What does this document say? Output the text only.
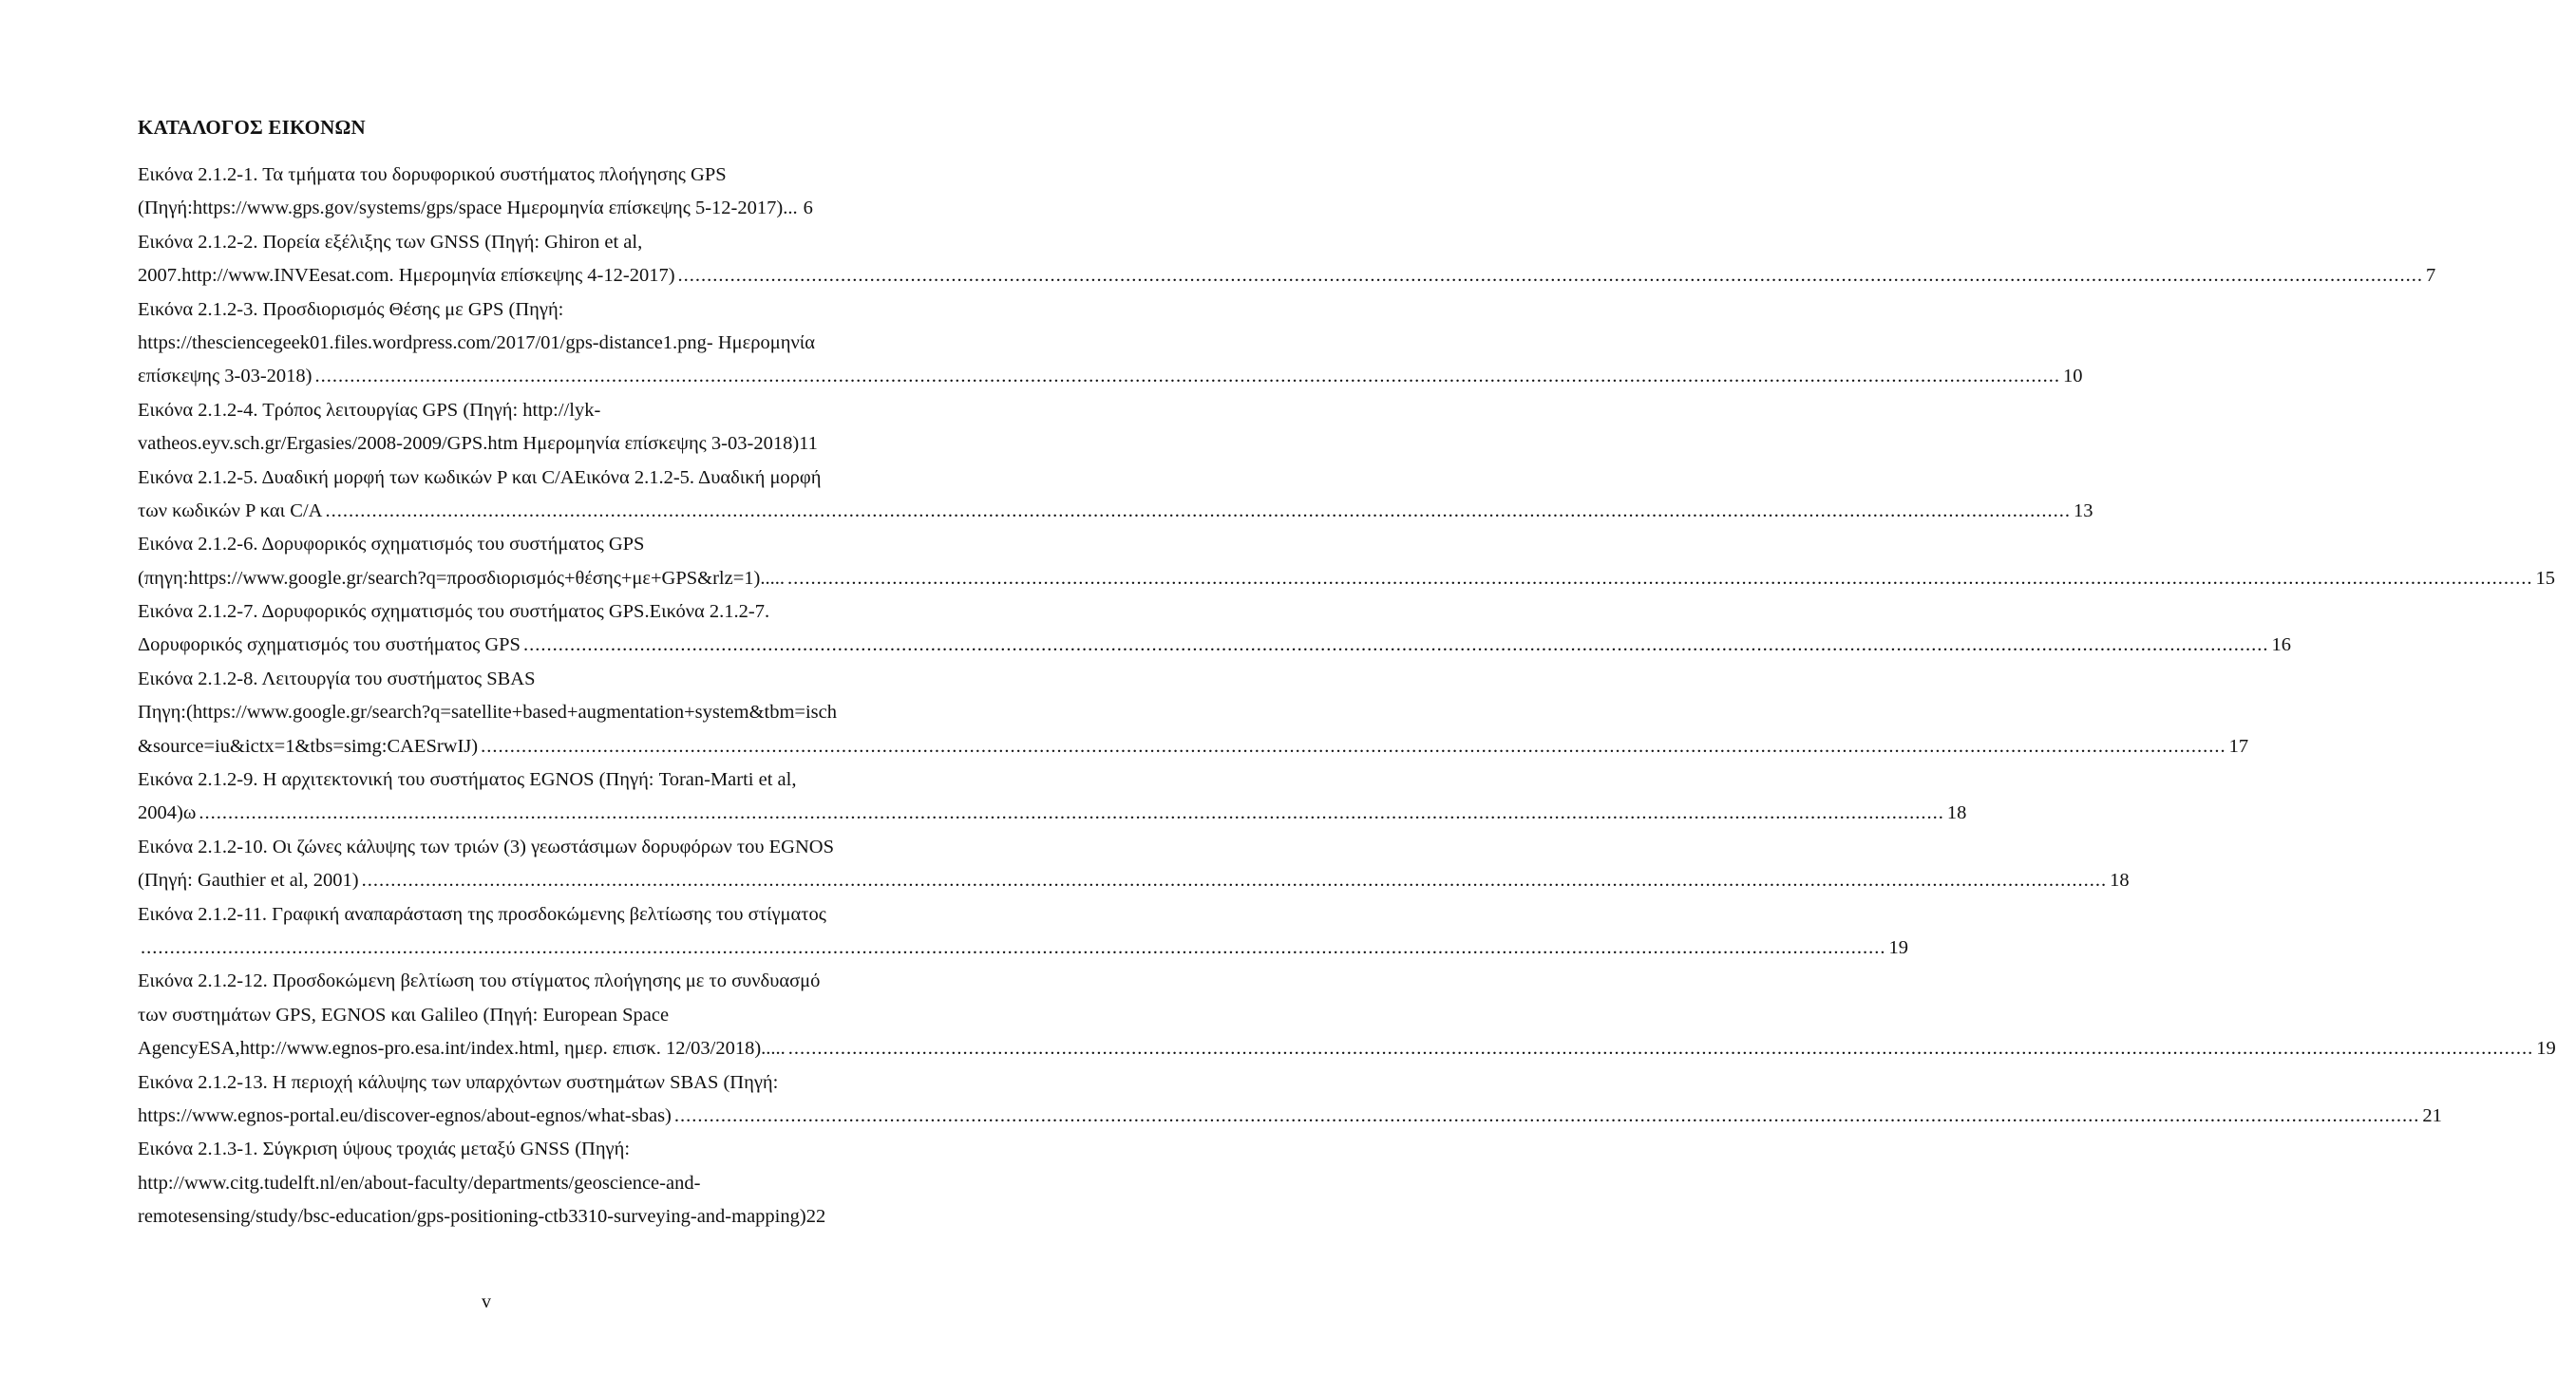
ΚΑΤΑΛΟΓΟΣ ΕΙΚΟΝΩΝ
Εικόνα 2.1.2-1. Τα τμήματα του δορυφορικού συστήματος πλοήγησης GPS
(Πηγή:https://www.gps.gov/systems/gps/space Ημερομηνία επίσκεψης 5-12-2017)... 6
Εικόνα 2.1.2-2. Πορεία εξέλιξης των GNSS (Πηγή: Ghiron et al,
2007.http://www.INVEesat.com. Ημερομηνία επίσκεψης 4-12-2017) ............................................................................................................................................................................................................................................................................................................ 7
Εικόνα 2.1.2-3. Προσδιορισμός Θέσης με GPS (Πηγή:
https://thesciencegeek01.files.wordpress.com/2017/01/gps-distance1.png- Ημερομηνία
επίσκεψης 3-03-2018) ............................................................................................................................................................................................................................................................................................................ 10
Εικόνα 2.1.2-4. Τρόπος λειτουργίας GPS (Πηγή: http://lyk-
vatheos.eyv.sch.gr/Ergasies/2008-2009/GPS.htm Ημερομηνία επίσκεψης 3-03-2018)11
Εικόνα 2.1.2-5. Δυαδική μορφή των κωδικών P και C/AΕικόνα 2.1.2-5. Δυαδική μορφή
των κωδικών P και C/A ............................................................................................................................................................................................................................................................................................................ 13
Εικόνα 2.1.2-6. Δορυφορικός σχηματισμός του συστήματος GPS
(πηγη:https://www.google.gr/search?q=προσδιορισμός+θέσης+με+GPS&rlz=1)..... ............................................................................................................................................................................................................................................................................................................ 15
Εικόνα 2.1.2-7. Δορυφορικός σχηματισμός του συστήματος GPS.Εικόνα 2.1.2-7.
Δορυφορικός σχηματισμός του συστήματος GPS ............................................................................................................................................................................................................................................................................................................ 16
Εικόνα 2.1.2-8. Λειτουργία του συστήματος SBAS
Πηγη:(https://www.google.gr/search?q=satellite+based+augmentation+system&tbm=isch
&source=iu&ictx=1&tbs=simg:CAESrwIJ) ............................................................................................................................................................................................................................................................................................................ 17
Εικόνα 2.1.2-9. Η αρχιτεκτονική του συστήματος EGNOS (Πηγή: Toran-Marti et al,
2004)ω ............................................................................................................................................................................................................................................................................................................ 18
Εικόνα 2.1.2-10. Οι ζώνες κάλυψης των τριών (3) γεωστάσιμων δορυφόρων του EGNOS
(Πηγή: Gauthier et al, 2001) ............................................................................................................................................................................................................................................................................................................ 18
Εικόνα 2.1.2-11. Γραφική αναπαράσταση της προσδοκώμενης βελτίωσης του στίγματος
............................................................................................................................................................................................................................................................................................................ 19
Εικόνα 2.1.2-12. Προσδοκώμενη βελτίωση του στίγματος πλοήγησης με το συνδυασμό
των συστημάτων GPS, EGNOS και Galileo (Πηγή: European Space
AgencyESA,http://www.egnos-pro.esa.int/index.html, ημερ. επισκ. 12/03/2018)..... ............................................................................................................................................................................................................................................................................................................ 19
Εικόνα 2.1.2-13. Η περιοχή κάλυψης των υπαρχόντων συστημάτων SBAS (Πηγή:
https://www.egnos-portal.eu/discover-egnos/about-egnos/what-sbas) ............................................................................................................................................................................................................................................................................................................ 21
Εικόνα 2.1.3-1. Σύγκριση ύψους τροχιάς μεταξύ GNSS (Πηγή:
http://www.citg.tudelft.nl/en/about-faculty/departments/geoscience-and-
remotesensing/study/bsc-education/gps-positioning-ctb3310-surveying-and-mapping)22
v
